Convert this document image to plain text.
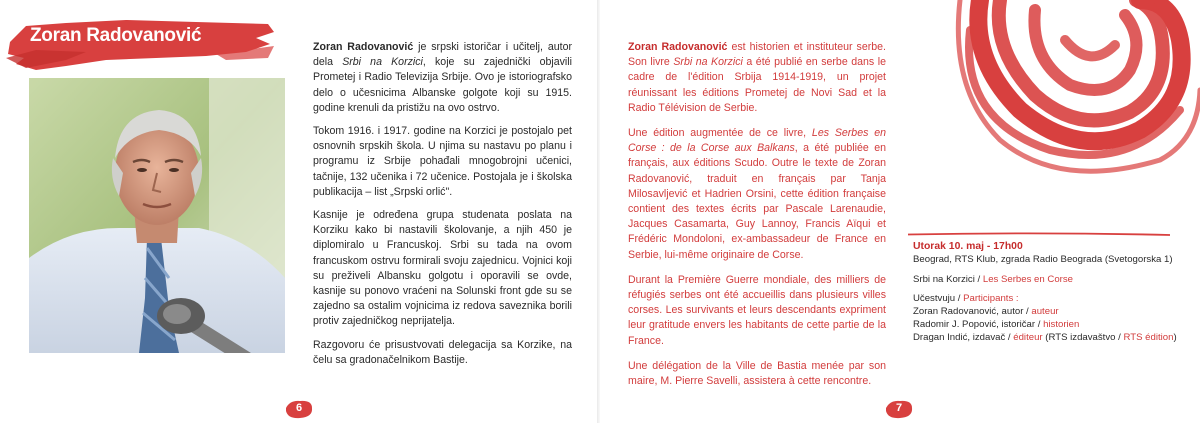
Zoran Radovanović

Zoran Radovanović je srpski istoričar i učitelj, autor dela Srbi na Korzici, koje su zajednički objavili Prometej i Radio Televizija Srbije. Ovo je istoriografsko delo o učesnicima Albanske golgote koji su 1915. godine krenuli da pristižu na ovo ostrvo.

Tokom 1916. i 1917. godine na Korzici je postojalo pet osnovnih srpskih škola. U njima su nastavu po planu i programu iz Srbije pohađali mnogobrojni učenici, tačnije, 132 učenika i 72 učenice. Postojala je i školska publikacija – list „Srpski orlić".

Kasnije je određena grupa studenata poslata na Korziku kako bi nastavili školovanje, a njih 450 je diplomiralo u Francuskoj. Srbi su tada na ovom francuskom ostrvu formirali svoju zajednicu. Vojnici koji su preživeli Albansku golgotu i oporavili se ovde, kasnije su ponovo vraćeni na Solunski front gde su se zajedno sa ostalim vojnicima iz redova saveznika borili protiv zajedničkog neprijatelja.

Razgovoru će prisustvovati delegacija sa Korzike, na čelu sa gradonačelnikom Bastije.

6	7

Zoran Radovanović est historien et instituteur serbe. Son livre Srbi na Korzici a été publié en serbe dans le cadre de l'édition Srbija 1914-1919, un projet réunissant les éditions Prometej de Novi Sad et la Radio Télévision de Serbie.

Une édition augmentée de ce livre, Les Serbes en Corse : de la Corse aux Balkans, a été publiée en français, aux éditions Scudo. Outre le texte de Zoran Radovanović, traduit en français par Tanja Milosavljević et Hadrien Orsini, cette édition française contient des textes écrits par Pascale Larenaudie, Jacques Casamarta, Guy Lannoy, Francis Aïqui et Frédéric Mondoloni, ex-ambassadeur de France en Serbie, lui-même originaire de Corse.

Durant la Première Guerre mondiale, des milliers de réfugiés serbes ont été accueillis dans plusieurs villes corses. Les survivants et leurs descendants expriment leur gratitude envers les habitants de cette partie de la France.

Une délégation de la Ville de Bastia menée par son maire, M. Pierre Savelli, assistera à cette rencontre.

Utorak 10. maj - 17h00
Beograd, RTS Klub, zgrada Radio Beograda (Svetogorska 1)
Srbi na Korzici / Les Serbes en Corse
Učestvuju / Participants :
Zoran Radovanović, autor / auteur
Radomir J. Popović, istoričar / historien
Dragan Indić, izdavač / éditeur (RTS izdavaštvo / RTS édition)
